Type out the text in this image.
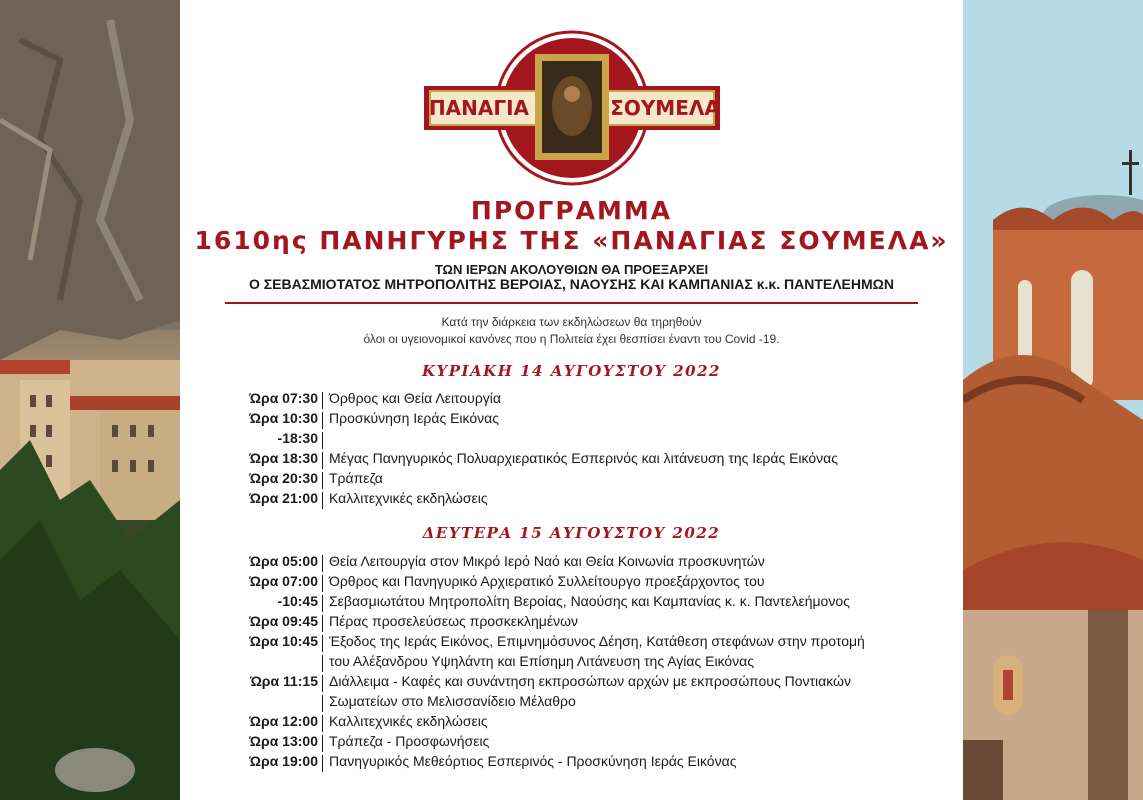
ΠΑΝΑΓΙΑ	ΣΟΥΜΕΛΑ
ΠΡΟΓΡΑΜΜΑ
1610ης ΠΑΝΗΓΥΡΗΣ ΤΗΣ «ΠΑΝΑΓΙΑΣ ΣΟΥΜΕΛΑ»
ΤΩΝ ΙΕΡΩΝ ΑΚΟΛΟΥΘΙΩΝ ΘΑ ΠΡΟΕΞΑΡΧΕΙ
Ο ΣΕΒΑΣΜΙΟΤΑΤΟΣ ΜΗΤΡΟΠΟΛΙΤΗΣ ΒΕΡΟΙΑΣ, ΝΑΟΥΣΗΣ ΚΑΙ ΚΑΜΠΑΝΙΑΣ κ.κ. ΠΑΝΤΕΛΕΗΜΩΝ
Κατά την διάρκεια των εκδηλώσεων θα τηρηθούν
όλοι οι υγειονομικοί κανόνες που η Πολιτεία έχει θεσπίσει έναντι του Covid -19.
ΚΥΡΙΑΚΗ 14 ΑΥΓΟΥΣΤΟΥ 2022
Ώρα 07:30 Όρθρος και Θεία Λειτουργία
Ώρα 10:30 Προσκύνηση Ιεράς Εικόνας
-18:30
Ώρα 18:30 Μέγας Πανηγυρικός Πολυαρχιερατικός Εσπερινός και λιτάνευση της Ιεράς Εικόνας
Ώρα 20:30 Τράπεζα
Ώρα 21:00 Καλλιτεχνικές εκδηλώσεις
ΔΕΥΤΕΡΑ 15 ΑΥΓΟΥΣΤΟΥ 2022
Ώρα 05:00 Θεία Λειτουργία στον Μικρό Ιερό Ναό και Θεία Κοινωνία προσκυνητών
Ώρα 07:00 Όρθρος και Πανηγυρικό Αρχιερατικό Συλλείτουργο προεξάρχοντος του
-10:45 Σεβασμιωτάτου Μητροπολίτη Βεροίας, Ναούσης και Καμπανίας κ. κ. Παντελεήμονος
Ώρα 09:45 Πέρας προσελεύσεως προσκεκλημένων
Ώρα 10:45 Έξοδος της Ιεράς Εικόνος, Επιμνημόσυνος Δέηση, Κατάθεση στεφάνων στην προτομή
του Αλέξανδρου Υψηλάντη και Επίσημη Λιτάνευση της Αγίας Εικόνας
Ώρα 11:15 Διάλλειμα - Καφές και συνάντηση εκπροσώπων αρχών με εκπροσώπους Ποντιακών
Σωματείων στο Μελισσανίδειο Μέλαθρο
Ώρα 12:00 Καλλιτεχνικές εκδηλώσεις
Ώρα 13:00 Τράπεζα - Προσφωνήσεις
Ώρα 19:00 Πανηγυρικός Μεθεόρτιος Εσπερινός - Προσκύνηση Ιεράς Εικόνας
